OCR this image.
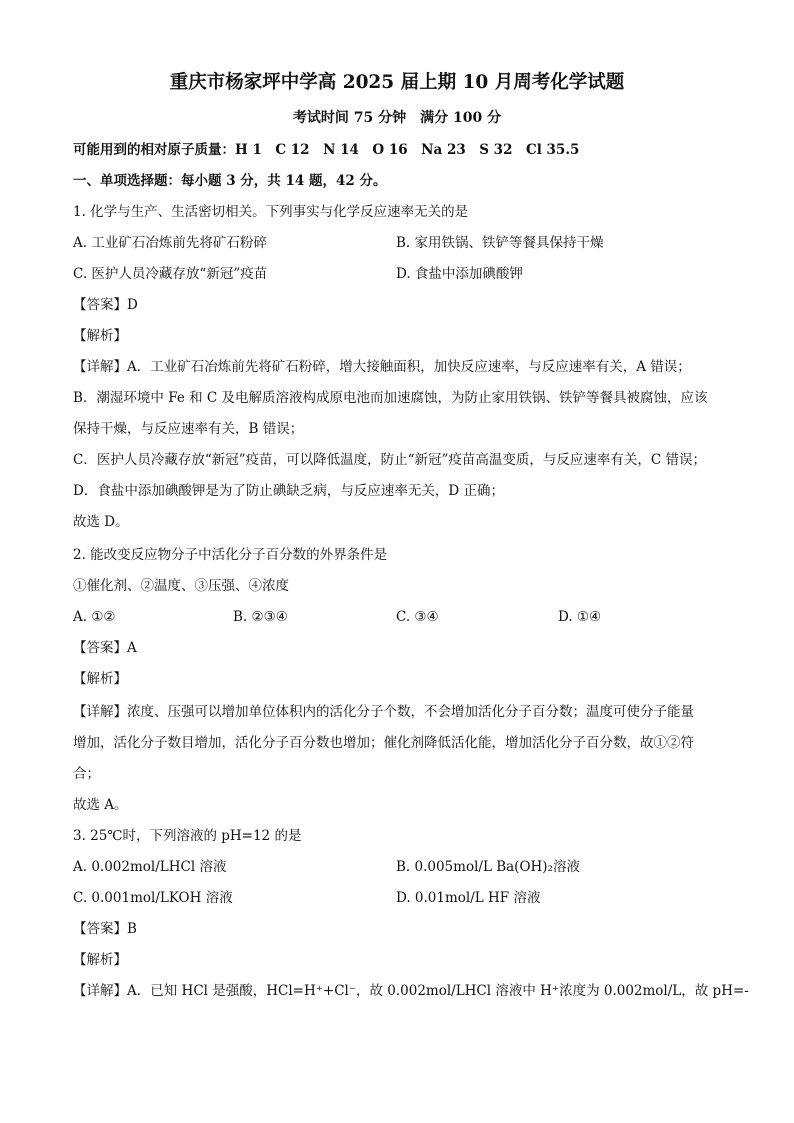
重庆市杨家坪中学高 2025 届上期 10 月周考化学试题
考试时间 75 分钟　满分 100 分
可能用到的相对原子质量：H 1　C 12　N 14　O 16　Na 23　S 32　Cl 35.5
一、单项选择题：每小题 3 分，共 14 题，42 分。
1. 化学与生产、生活密切相关。下列事实与化学反应速率无关的是
A. 工业矿石冶炼前先将矿石粉碎	B. 家用铁锅、铁铲等餐具保持干燥
C. 医护人员冷藏存放“新冠”疫苗	D. 食盐中添加碘酸钾
【答案】D
【解析】
【详解】A．工业矿石冶炼前先将矿石粉碎，增大接触面积，加快反应速率，与反应速率有关，A 错误；
B．潮湿环境中 Fe 和 C 及电解质溶液构成原电池而加速腐蚀，为防止家用铁锅、铁铲等餐具被腐蚀，应该
保持干燥，与反应速率有关，B 错误；
C．医护人员冷藏存放“新冠”疫苗，可以降低温度，防止“新冠”疫苗高温变质，与反应速率有关，C 错误；
D．食盐中添加碘酸钾是为了防止碘缺乏病，与反应速率无关，D 正确；
故选 D。
2. 能改变反应物分子中活化分子百分数的外界条件是
①催化剂、②温度、③压强、④浓度
A. ①②	B. ②③④	C. ③④	D. ①④
【答案】A
【解析】
【详解】浓度、压强可以增加单位体积内的活化分子个数，不会增加活化分子百分数；温度可使分子能量
增加，活化分子数目增加，活化分子百分数也增加；催化剂降低活化能，增加活化分子百分数，故①②符
合；
故选 A。
3. 25℃时，下列溶液的 pH=12 的是
A. 0.002mol/LHCl 溶液	B. 0.005mol/L Ba(OH)₂溶液
C. 0.001mol/LKOH 溶液	D. 0.01mol/L HF 溶液
【答案】B
【解析】
【详解】A．已知 HCl 是强酸，HCl=H⁺+Cl⁻，故 0.002mol/LHCl 溶液中 H⁺浓度为 0.002mol/L，故 pH=-
